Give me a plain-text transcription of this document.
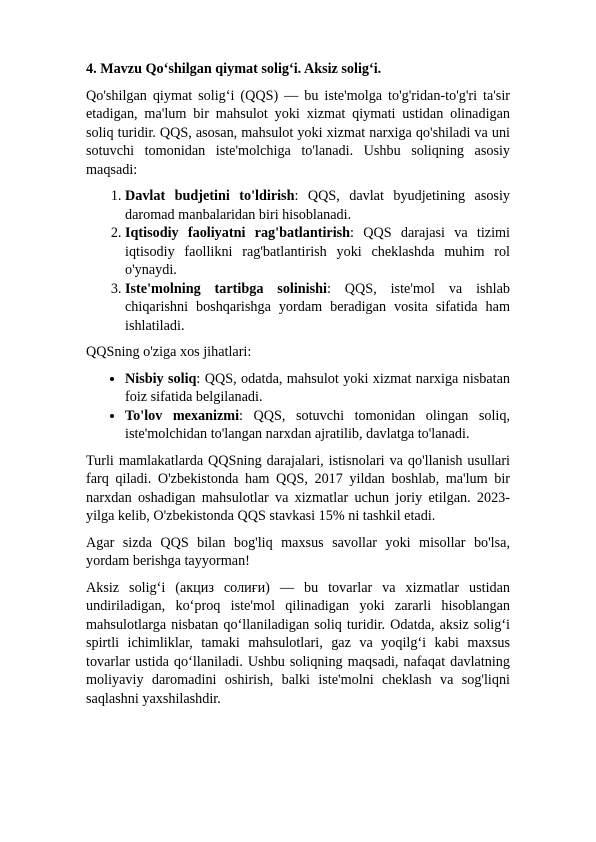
4. Mavzu Qo‘shilgan qiymat solig‘i. Aksiz solig‘i.

Qo'shilgan qiymat solig‘i (QQS) — bu iste'molga to'g'ridan-to'g'ri ta'sir etadigan, ma'lum bir mahsulot yoki xizmat qiymati ustidan olinadigan soliq turidir. QQS, asosan, mahsulot yoki xizmat narxiga qo'shiladi va uni sotuvchi tomonidan iste'molchiga to'lanadi. Ushbu soliqning asosiy maqsadi:

1. Davlat budjetini to'ldirish: QQS, davlat byudjetining asosiy daromad manbalaridan biri hisoblanadi.
2. Iqtisodiy faoliyatni rag'batlantirish: QQS darajasi va tizimi iqtisodiy faollikni rag'batlantirish yoki cheklashda muhim rol o'ynaydi.
3. Iste'molning tartibga solinishi: QQS, iste'mol va ishlab chiqarishni boshqarishga yordam beradigan vosita sifatida ham ishlatiladi.

QQSning o'ziga xos jihatlari:

• Nisbiy soliq: QQS, odatda, mahsulot yoki xizmat narxiga nisbatan foiz sifatida belgilanadi.
• To'lov mexanizmi: QQS, sotuvchi tomonidan olingan soliq, iste'molchidan to'langan narxdan ajratilib, davlatga to'lanadi.

Turli mamlakatlarda QQSning darajalari, istisnolari va qo'llanish usullari farq qiladi. O'zbekistonda ham QQS, 2017 yildan boshlab, ma'lum bir narxdan oshadigan mahsulotlar va xizmatlar uchun joriy etilgan. 2023-yilga kelib, O'zbekistonda QQS stavkasi 15% ni tashkil etadi.

Agar sizda QQS bilan bog'liq maxsus savollar yoki misollar bo'lsa, yordam berishga tayyorman!

Aksiz solig‘i (акциз солиғи) — bu tovarlar va xizmatlar ustidan undiriladigan, ko‘proq iste'mol qilinadigan yoki zararli hisoblangan mahsulotlarga nisbatan qo‘llaniladigan soliq turidir. Odatda, aksiz solig‘i spirtli ichimliklar, tamaki mahsulotlari, gaz va yoqilg‘i kabi maxsus tovarlar ustida qo‘llaniladi. Ushbu soliqning maqsadi, nafaqat davlatning moliyaviy daromadini oshirish, balki iste'molni cheklash va sog'liqni saqlashni yaxshilashdir.
